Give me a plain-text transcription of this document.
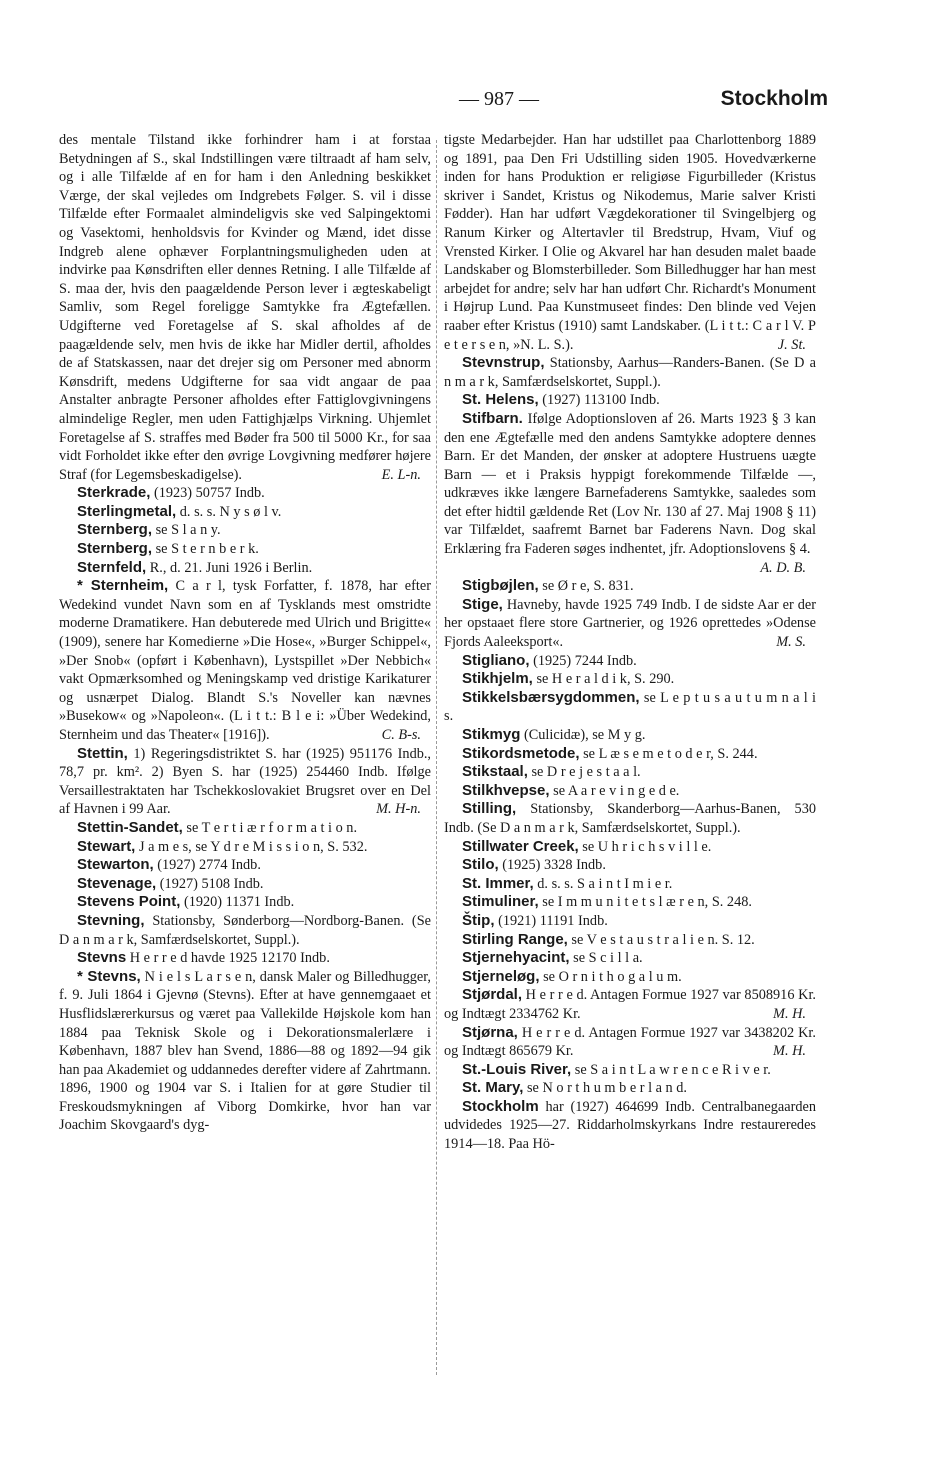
— 987 —	Stockholm

des mentale Tilstand ikke forhindrer ham i at forstaa Betydningen af S., skal Indstillingen være tiltraadt af ham selv, og i alle Tilfælde af en for ham i den Anledning beskikket Værge, der skal vejledes om Indgrebets Følger. S. vil i disse Tilfælde efter Formaalet almindeligvis ske ved Salpingektomi og Vasektomi, henholdsvis for Kvinder og Mænd, idet disse Indgreb alene ophæver Forplantningsmuligheden uden at indvirke paa Kønsdriften eller dennes Retning. I alle Tilfælde af S. maa der, hvis den paagældende Person lever i ægteskabeligt Samliv, som Regel foreligge Samtykke fra Ægtefællen. Udgifterne ved Foretagelse af S. skal afholdes af de paagældende selv, men hvis de ikke har Midler dertil, afholdes de af Statskassen, naar det drejer sig om Personer med abnorm Kønsdrift, medens Udgifterne for saa vidt angaar de paa Anstalter anbragte Personer afholdes efter Fattiglovgivningens almindelige Regler, men uden Fattighjælps Virkning. Uhjemlet Foretagelse af S. straffes med Bøder fra 500 til 5000 Kr., for saa vidt Forholdet ikke efter den øvrige Lovgivning medfører højere Straf (for Legemsbeskadigelse).	E. L-n.

Sterkrade, (1923) 50757 Indb.

Sterlingmetal, d. s. s. N y s ø l v.

Sternberg, se S l a n y.

Sternberg, se S t e r n b e r k.

Sternfeld, R., d. 21. Juni 1926 i Berlin.

* Sternheim, C a r l, tysk Forfatter, f. 1878, har efter Wedekind vundet Navn som en af Tysklands mest omstridte moderne Dramatikere. Han debuterede med Ulrich und Brigitte« (1909), senere har Komedierne »Die Hose«, »Burger Schippel«, »Der Snob« (opført i København), Lystspillet »Der Nebbich« vakt Opmærksomhed og Meningskamp ved dristige Karikaturer og usnærpet Dialog. Blandt S.'s Noveller kan nævnes »Busekow« og »Napoleon«. (L i t t.: B l e i: »Über Wedekind, Sternheim und das Theater« [1916]).	C. B-s.

Stettin, 1) Regeringsdistriktet S. har (1925) 951176 Indb., 78,7 pr. km². 2) Byen S. har (1925) 254460 Indb. Ifølge Versaillestraktaten har Tschekkoslovakiet Brugsret over en Del af Havnen i 99 Aar.	M. H-n.

Stettin-Sandet, se T e r t i æ r f o r m a t i o n.

Stewart, J a m e s, se Y d r e M i s s i o n, S. 532.

Stewarton, (1927) 2774 Indb.

Stevenage, (1927) 5108 Indb.

Stevens Point, (1920) 11371 Indb.

Stevning, Stationsby, Sønderborg—Nordborg-Banen. (Se D a n m a r k, Samfærdselskortet, Suppl.).

Stevns H e r r e d havde 1925 12170 Indb.

* Stevns, N i e l s L a r s e n, dansk Maler og Billedhugger, f. 9. Juli 1864 i Gjevnø (Stevns). Efter at have gennemgaaet et Husflidslærerkursus og været paa Vallekilde Højskole kom han 1884 paa Teknisk Skole og i Dekorationsmalerlære i København, 1887 blev han Svend, 1886—88 og 1892—94 gik han paa Akademiet og uddannedes derefter videre af Zahrtmann. 1896, 1900 og 1904 var S. i Italien for at gøre Studier til Freskoudsmykningen af Viborg Domkirke, hvor han var Joachim Skovgaard's dyg-

tigste Medarbejder. Han har udstillet paa Charlottenborg 1889 og 1891, paa Den Fri Udstilling siden 1905. Hovedværkerne inden for hans Produktion er religiøse Figurbilleder (Kristus skriver i Sandet, Kristus og Nikodemus, Marie salver Kristi Fødder). Han har udført Vægdekorationer til Svingelbjerg og Ranum Kirker og Altertavler til Bredstrup, Hvam, Viuf og Vrensted Kirker. I Olie og Akvarel har han desuden malet baade Landskaber og Blomsterbilleder. Som Billedhugger har han mest arbejdet for andre; selv har han udført Chr. Richardt's Monument i Højrup Lund. Paa Kunstmuseet findes: Den blinde ved Vejen raaber efter Kristus (1910) samt Landskaber. (L i t t.: C a r l V. P e t e r s e n, »N. L. S.).	J. St.

Stevnstrup, Stationsby, Aarhus—Randers-Banen. (Se D a n m a r k, Samfærdselskortet, Suppl.).

St. Helens, (1927) 113100 Indb.

Stifbarn. Ifølge Adoptionsloven af 26. Marts 1923 § 3 kan den ene Ægtefælle med den andens Samtykke adoptere dennes Barn. Er det Manden, der ønsker at adoptere Hustruens uægte Barn — et i Praksis hyppigt forekommende Tilfælde —, udkræves ikke længere Barnefaderens Samtykke, saaledes som det efter hidtil gældende Ret (Lov Nr. 130 af 27. Maj 1908 § 11) var Tilfældet, saafremt Barnet bar Faderens Navn. Dog skal Erklæring fra Faderen søges indhentet, jfr. Adoptionslovens § 4.
A. D. B.

Stigbøjlen, se Ø r e, S. 831.

Stige, Havneby, havde 1925 749 Indb. I de sidste Aar er der her opstaaet flere store Gartnerier, og 1926 oprettedes »Odense Fjords Aaleeksport«.	M. S.

Stigliano, (1925) 7244 Indb.

Stikhjelm, se H e r a l d i k, S. 290.

Stikkelsbærsygdommen, se L e p t u s a u t u m n a l i s.

Stikmyg (Culicidæ), se M y g.

Stikordsmetode, se L æ s e m e t o d e r, S. 244.

Stikstaal, se D r e j e s t a a l.

Stilkhvepse, se A a r e v i n g e d e.

Stilling, Stationsby, Skanderborg—Aarhus-Banen, 530 Indb. (Se D a n m a r k, Samfærdselskortet, Suppl.).

Stillwater Creek, se U h r i c h s v i l l e.

Stilo, (1925) 3328 Indb.

St. Immer, d. s. s. S a i n t I m i e r.

Stimuliner, se I m m u n i t e t s l æ r e n, S. 248.

Štip, (1921) 11191 Indb.

Stirling Range, se V e s t a u s t r a l i e n. S. 12.

Stjernehyacint, se S c i l l a.

Stjerneløg, se O r n i t h o g a l u m.

Stjørdal, H e r r e d. Antagen Formue 1927 var 8508916 Kr. og Indtægt 2334762 Kr.	M. H.

Stjørna, H e r r e d. Antagen Formue 1927 var 3438202 Kr. og Indtægt 865679 Kr.	M. H.

St.-Louis River, se S a i n t L a w r e n c e R i v e r.

St. Mary, se N o r t h u m b e r l a n d.

Stockholm har (1927) 464699 Indb. Centralbanegaarden udvidedes 1925—27. Riddarholmskyrkans Indre restaureredes 1914—18. Paa Hö-
